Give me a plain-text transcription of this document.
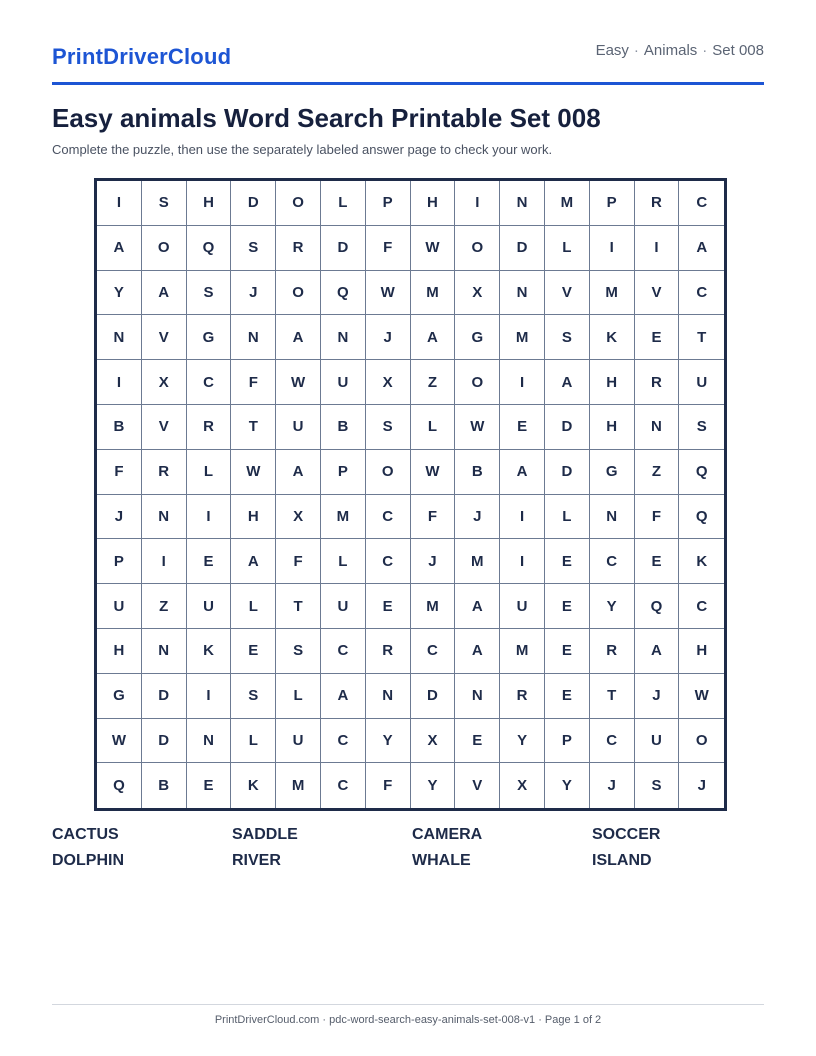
PrintDriverCloud	Easy · Animals · Set 008
Easy animals Word Search Printable Set 008
Complete the puzzle, then use the separately labeled answer page to check your work.
I	S	H	D	O	L	P	H	I	N	M	P	R	C
A	O	Q	S	R	D	F	W	O	D	L	I	I	A
Y	A	S	J	O	Q	W	M	X	N	V	M	V	C
N	V	G	N	A	N	J	A	G	M	S	K	E	T
I	X	C	F	W	U	X	Z	O	I	A	H	R	U
B	V	R	T	U	B	S	L	W	E	D	H	N	S
F	R	L	W	A	P	O	W	B	A	D	G	Z	Q
J	N	I	H	X	M	C	F	J	I	L	N	F	Q
P	I	E	A	F	L	C	J	M	I	E	C	E	K
U	Z	U	L	T	U	E	M	A	U	E	Y	Q	C
H	N	K	E	S	C	R	C	A	M	E	R	A	H
G	D	I	S	L	A	N	D	N	R	E	T	J	W
W	D	N	L	U	C	Y	X	E	Y	P	C	U	O
Q	B	E	K	M	C	F	Y	V	X	Y	J	S	J
CACTUS	SADDLE	CAMERA	SOCCER
DOLPHIN	RIVER	WHALE	ISLAND
PrintDriverCloud.com · pdc-word-search-easy-animals-set-008-v1 · Page 1 of 2
